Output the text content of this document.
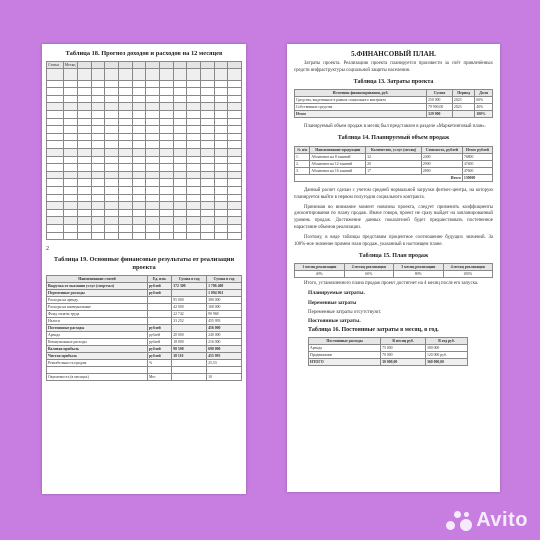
Таблица 18. Прогноз доходов и расходов на 12 месяцев
Статья	Месяц												

2
Таблица 19. Основные финансовые результаты от реализации проекта
Наименование статей	Ед. изм.	Сумма в год	Сумма в год
Выручка от оказания услуг (спортзал)	рублей	372 300	1 786 400
Переменные расходы	рублей		1 094 961
Расходы на аренду		95 000	380 000
Расходы на коммунальные		42 000	168 000
Фонд оплаты труда		22 742	90 968
Налоги		33 252	455 993
Постоянные расходы	рублей		456 000
Аренда	рублей	20 000	240 000
Коммунальные расходы	рублей	18 000	216 000
Валовая прибыль	рублей	90 500	690 000
Чистая прибыль	рублей	38 110	455 993
Рентабельность продаж	%		25,53

Окупаемость (в месяцах)	Мес		10
5.ФИНАНСОВЫЙ ПЛАН.
Затраты проекта. Реализацию проекта планируется произвести за счёт привлечённых средств инфраструктуры социальной защиты населения.
Таблица 13. Затраты проекта
Источник финансирования, руб.	Сумма	Период	Доля
Средства, выделенные в рамках социального контракта	250 000	2023	60%
Собственные средства	79 900,00	2023	40%
Итого	329 900		100%
Планируемый объем продаж в месяц был представлен в разделе «Маркетинговый план».
Таблица 14. Планируемый объем продаж
№ п/п	Наименование продукции	Количество, услуг (месяц)	Стоимость, рублей	Итого рублей
1.	Абонемент на 8 занятий	32	2400	76800
2.	Абонемент на 12 занятий	20	2900	47400
3.	Абонемент на 16 занятий	17	2800	47600
Итого				130000
Данный расчет сделан с учетом средней нормальной загрузки фитнес-центра, на которую планируется выйти в первом полугодии социального контракта.
Принимая во внимание момент новизны проекта, следует применить коэффициенты дисконтирования по плану продаж. Иначе говоря, проект не сразу выйдет на запланированный уровень продаж. Достижение данных показателей будет предшествовать постепенное нарастание объемов реализации.
Поэтому, в виде таблицы представим процентное соотношение будущих значений. За 100%-ное значение примем план продаж, указанный в настоящем плане.
Таблица 15. План продаж
1 месяц реализации	2 месяц реализации	3 месяц реализации	4 месяц реализации
40%	60%	80%	100%
Итого, установленного плана продаж проект достигнет на 4 месяц после его запуска.
Планируемые затраты.
Переменные затраты
Переменные затраты отсутствуют.
Постоянные затраты.
Таблица 16. Постоянные затраты в месяц, в год.
Постоянные расходы	В месяц руб.	В год руб.
Аренда	75 000	300 000
Продвижение	70 000	120 000 руб.
ИТОГО	30 000,00	360 000,00
Avito
